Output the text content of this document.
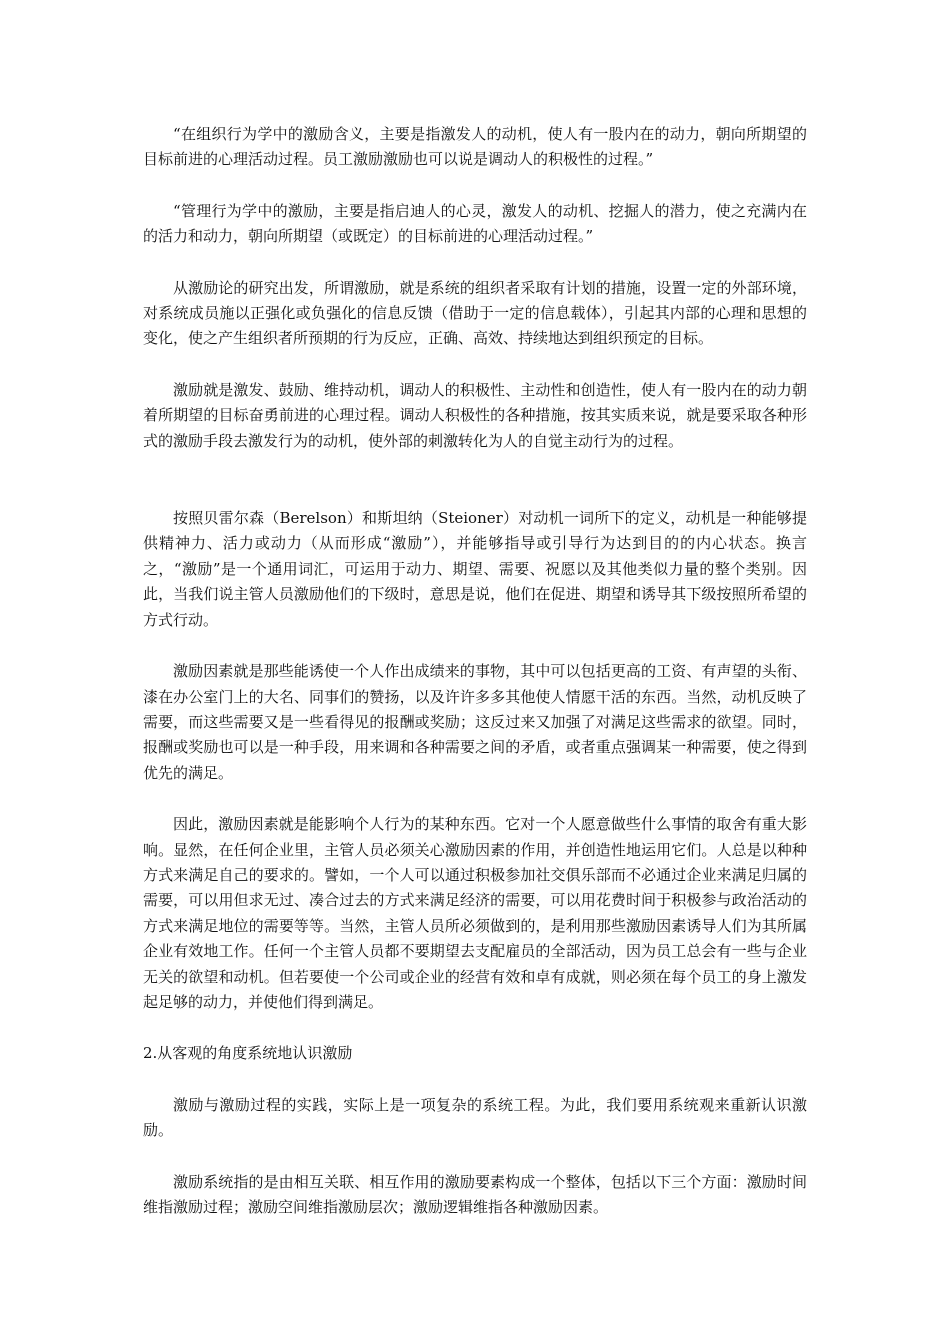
“在组织行为学中的激励含义，主要是指激发人的动机，使人有一股内在的动力，朝向所期望的目标前进的心理活动过程。员工激励激励也可以说是调动人的积极性的过程。”

“管理行为学中的激励，主要是指启迪人的心灵，激发人的动机、挖掘人的潜力，使之充满内在的活力和动力，朝向所期望（或既定）的目标前进的心理活动过程。”

从激励论的研究出发，所谓激励，就是系统的组织者采取有计划的措施，设置一定的外部环境，对系统成员施以正强化或负强化的信息反馈（借助于一定的信息载体），引起其内部的心理和思想的变化，使之产生组织者所预期的行为反应，正确、高效、持续地达到组织预定的目标。

激励就是激发、鼓励、维持动机，调动人的积极性、主动性和创造性，使人有一股内在的动力朝着所期望的目标奋勇前进的心理过程。调动人积极性的各种措施，按其实质来说，就是要采取各种形式的激励手段去激发行为的动机，使外部的刺激转化为人的自觉主动行为的过程。

按照贝雷尔森（Berelson）和斯坦纳（Steioner）对动机一词所下的定义，动机是一种能够提供精神力、活力或动力（从而形成“激励”），并能够指导或引导行为达到目的的内心状态。换言之，“激励”是一个通用词汇，可运用于动力、期望、需要、祝愿以及其他类似力量的整个类别。因此，当我们说主管人员激励他们的下级时，意思是说，他们在促进、期望和诱导其下级按照所希望的方式行动。

激励因素就是那些能诱使一个人作出成绩来的事物，其中可以包括更高的工资、有声望的头衔、漆在办公室门上的大名、同事们的赞扬，以及许许多多其他使人情愿干活的东西。当然，动机反映了需要，而这些需要又是一些看得见的报酬或奖励；这反过来又加强了对满足这些需求的欲望。同时，报酬或奖励也可以是一种手段，用来调和各种需要之间的矛盾，或者重点强调某一种需要，使之得到优先的满足。

因此，激励因素就是能影响个人行为的某种东西。它对一个人愿意做些什么事情的取舍有重大影响。显然，在任何企业里，主管人员必须关心激励因素的作用，并创造性地运用它们。人总是以种种方式来满足自己的要求的。譬如，一个人可以通过积极参加社交俱乐部而不必通过企业来满足归属的需要，可以用但求无过、凑合过去的方式来满足经济的需要，可以用花费时间于积极参与政治活动的方式来满足地位的需要等等。当然，主管人员所必须做到的，是利用那些激励因素诱导人们为其所属企业有效地工作。任何一个主管人员都不要期望去支配雇员的全部活动，因为员工总会有一些与企业无关的欲望和动机。但若要使一个公司或企业的经营有效和卓有成就，则必须在每个员工的身上激发起足够的动力，并使他们得到满足。

2.从客观的角度系统地认识激励

激励与激励过程的实践，实际上是一项复杂的系统工程。为此，我们要用系统观来重新认识激励。

激励系统指的是由相互关联、相互作用的激励要素构成一个整体，包括以下三个方面：激励时间维指激励过程；激励空间维指激励层次；激励逻辑维指各种激励因素。
